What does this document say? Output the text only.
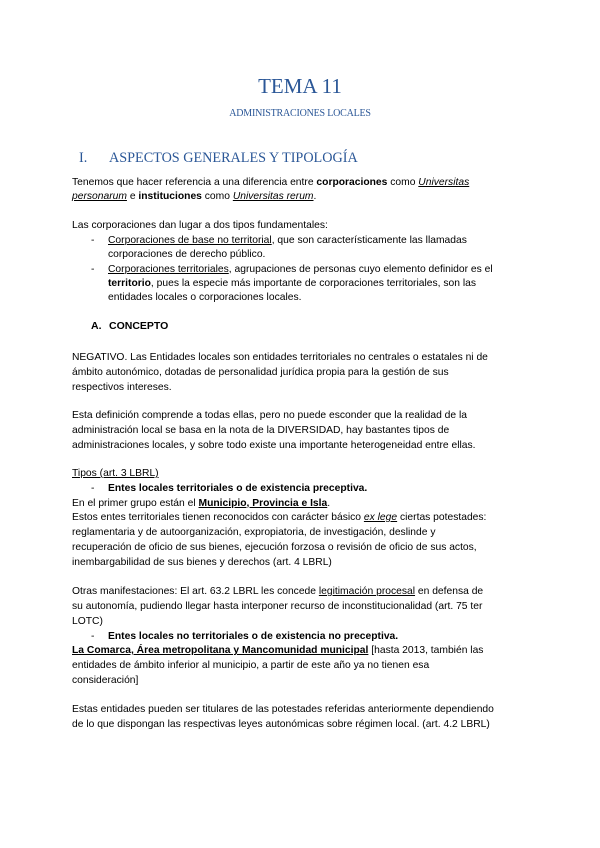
TEMA 11
ADMINISTRACIONES LOCALES
I. ASPECTOS GENERALES Y TIPOLOGÍA
Tenemos que hacer referencia a una diferencia entre corporaciones como Universitas
personarum e instituciones como Universitas rerum.
Las corporaciones dan lugar a dos tipos fundamentales:
- Corporaciones de base no territorial, que son característicamente las llamadas
corporaciones de derecho público.
- Corporaciones territoriales, agrupaciones de personas cuyo elemento definidor es el
territorio, pues la especie más importante de corporaciones territoriales, son las
entidades locales o corporaciones locales.
A. CONCEPTO
NEGATIVO. Las Entidades locales son entidades territoriales no centrales o estatales ni de
ámbito autonómico, dotadas de personalidad jurídica propia para la gestión de sus
respectivos intereses.
Esta definición comprende a todas ellas, pero no puede esconder que la realidad de la
administración local se basa en la nota de la DIVERSIDAD, hay bastantes tipos de
administraciones locales, y sobre todo existe una importante heterogeneidad entre ellas.
Tipos (art. 3 LBRL)
- Entes locales territoriales o de existencia preceptiva.
En el primer grupo están el Municipio, Provincia e Isla.
Estos entes territoriales tienen reconocidos con carácter básico ex lege ciertas potestades:
reglamentaria y de autoorganización, expropiatoria, de investigación, deslinde y
recuperación de oficio de sus bienes, ejecución forzosa o revisión de oficio de sus actos,
inembargabilidad de sus bienes y derechos (art. 4 LBRL)
Otras manifestaciones: El art. 63.2 LBRL les concede legitimación procesal en defensa de
su autonomía, pudiendo llegar hasta interponer recurso de inconstitucionalidad (art. 75 ter
LOTC)
- Entes locales no territoriales o de existencia no preceptiva.
La Comarca, Área metropolitana y Mancomunidad municipal [hasta 2013, también las
entidades de ámbito inferior al municipio, a partir de este año ya no tienen esa
consideración]
Estas entidades pueden ser titulares de las potestades referidas anteriormente dependiendo
de lo que dispongan las respectivas leyes autonómicas sobre régimen local. (art. 4.2 LBRL)
